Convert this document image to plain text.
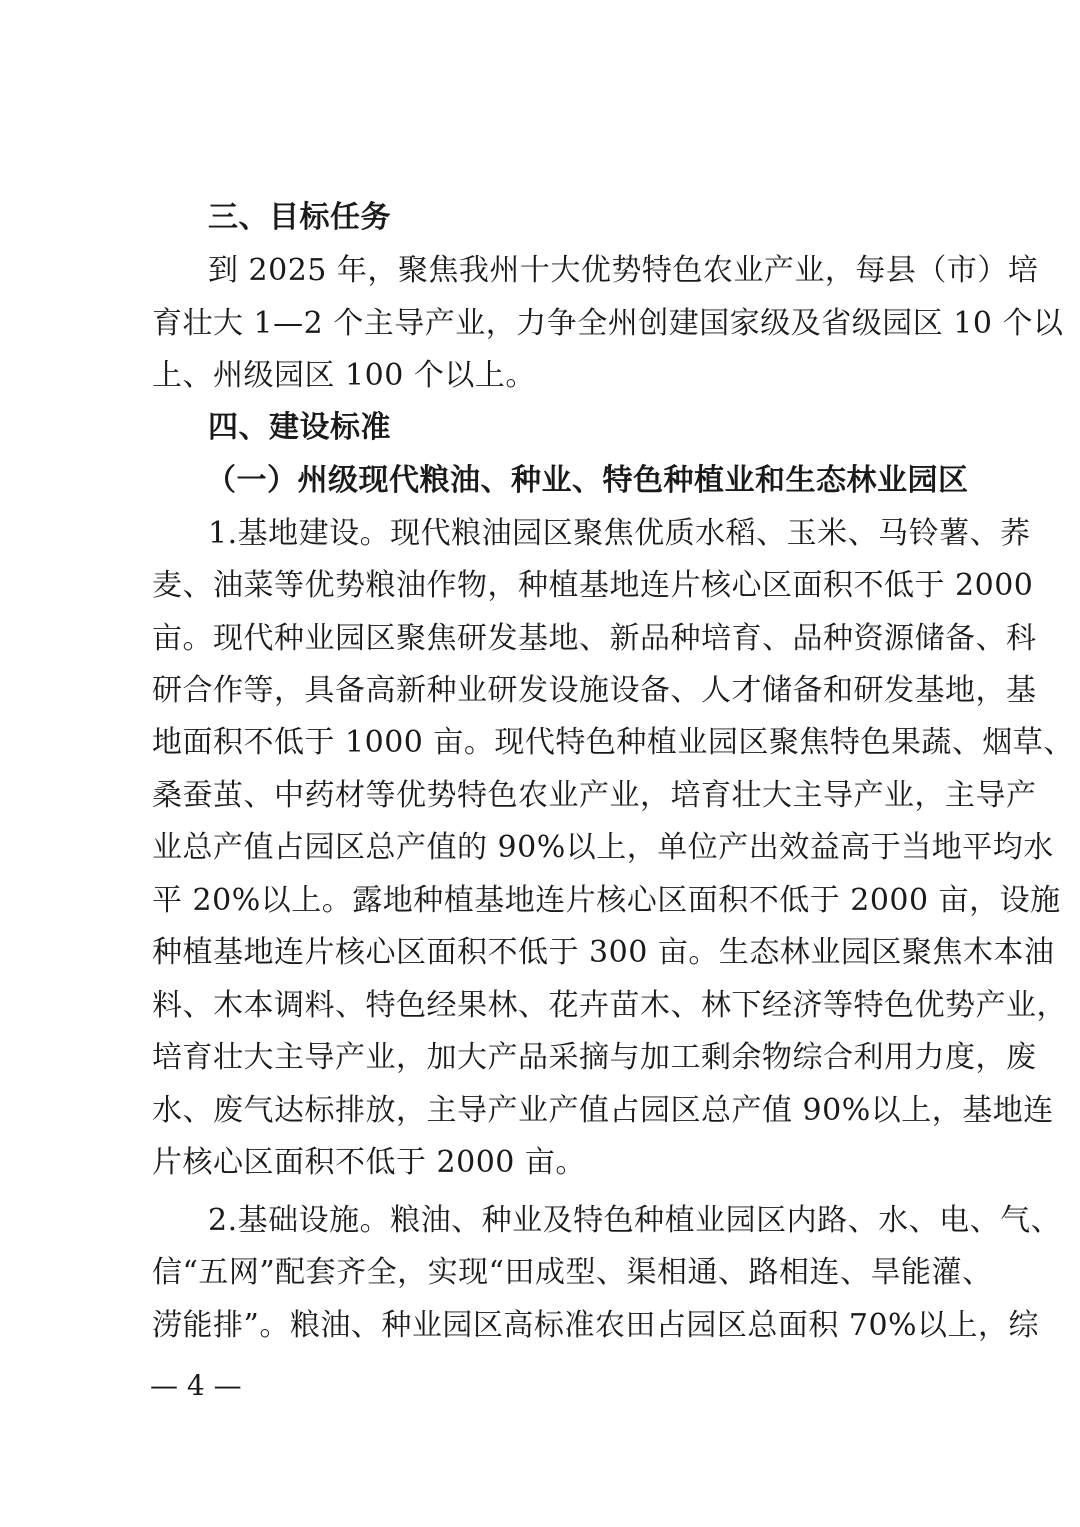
三、目标任务
到 2025 年，聚焦我州十大优势特色农业产业，每县（市）培
育壮大 1—2 个主导产业，力争全州创建国家级及省级园区 10 个以
上、州级园区 100 个以上。
四、建设标准
（一）州级现代粮油、种业、特色种植业和生态林业园区
1.基地建设。现代粮油园区聚焦优质水稻、玉米、马铃薯、荞
麦、油菜等优势粮油作物，种植基地连片核心区面积不低于 2000
亩。现代种业园区聚焦研发基地、新品种培育、品种资源储备、科
研合作等，具备高新种业研发设施设备、人才储备和研发基地，基
地面积不低于 1000 亩。现代特色种植业园区聚焦特色果蔬、烟草、
桑蚕茧、中药材等优势特色农业产业，培育壮大主导产业，主导产
业总产值占园区总产值的 90%以上，单位产出效益高于当地平均水
平 20%以上。露地种植基地连片核心区面积不低于 2000 亩，设施
种植基地连片核心区面积不低于 300 亩。生态林业园区聚焦木本油
料、木本调料、特色经果林、花卉苗木、林下经济等特色优势产业，
培育壮大主导产业，加大产品采摘与加工剩余物综合利用力度，废
水、废气达标排放，主导产业产值占园区总产值 90%以上，基地连
片核心区面积不低于 2000 亩。
2.基础设施。粮油、种业及特色种植业园区内路、水、电、气、
信“五网”配套齐全，实现“田成型、渠相通、路相连、旱能灌、
涝能排”。粮油、种业园区高标准农田占园区总面积 70%以上，综
— 4 —
